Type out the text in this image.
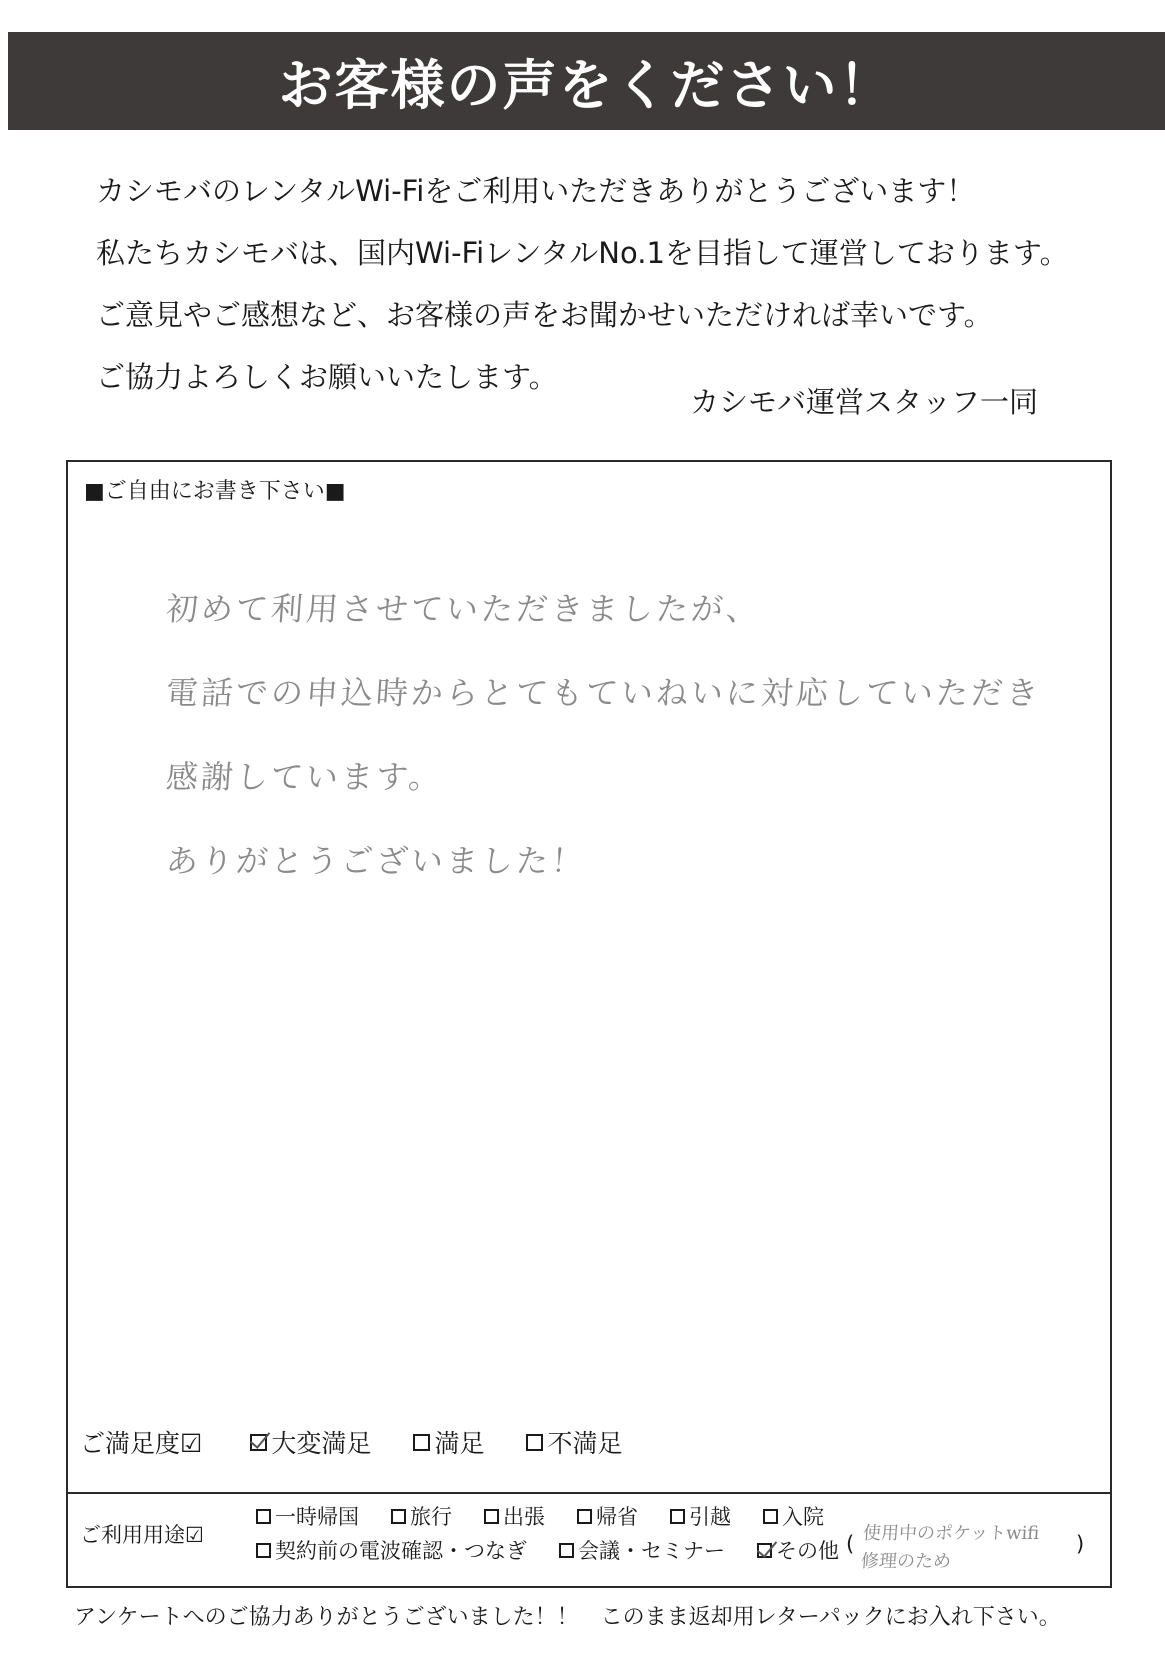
お客様の声をください！
カシモバのレンタルWi-Fiをご利用いただきありがとうございます！
私たちカシモバは、国内Wi-FiレンタルNo.1を目指して運営しております。
ご意見やご感想など、お客様の声をお聞かせいただければ幸いです。
ご協力よろしくお願いいたします。
カシモバ運営スタッフ一同
■ご自由にお書き下さい■
初めて利用させていただきましたが、
電話での申込時からとてもていねいに対応していただき
感謝しています。
ありがとうございました！
ご満足度☑	大変満足	満足	不満足
ご利用用途☑
一時帰国 旅行 出張 帰省 引越 入院
契約前の電波確認・つなぎ 会議・セミナー その他 ( 使用中のポケットwifi
修理のため
)
アンケートへのご協力ありがとうございました！！　このまま返却用レターパックにお入れ下さい。
